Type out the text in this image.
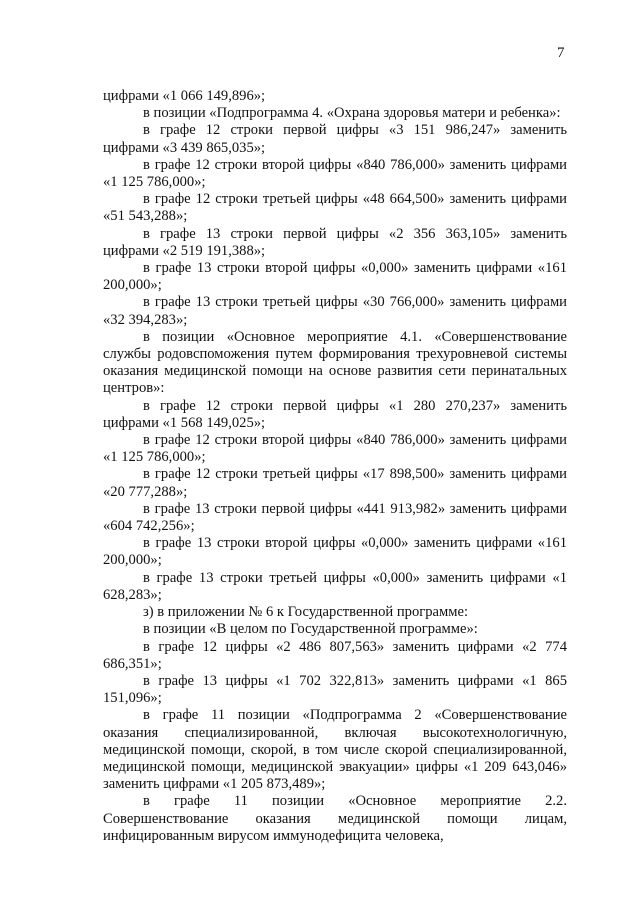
7

цифрами «1 066 149,896»;

в позиции «Подпрограмма 4. «Охрана здоровья матери и ребенка»:

в графе 12 строки первой цифры «3 151 986,247» заменить цифрами «3 439 865,035»;

в графе 12 строки второй цифры «840 786,000» заменить цифрами «1 125 786,000»;

в графе 12 строки третьей цифры «48 664,500» заменить цифрами «51 543,288»;

в графе 13 строки первой цифры «2 356 363,105» заменить цифрами «2 519 191,388»;

в графе 13 строки второй цифры «0,000» заменить цифрами «161 200,000»;

в графе 13 строки третьей цифры «30 766,000» заменить цифрами «32 394,283»;

в позиции «Основное мероприятие 4.1. «Совершенствование службы родовспоможения путем формирования трехуровневой системы оказания медицинской помощи на основе развития сети перинатальных центров»:

в графе 12 строки первой цифры «1 280 270,237» заменить цифрами «1 568 149,025»;

в графе 12 строки второй цифры «840 786,000» заменить цифрами «1 125 786,000»;

в графе 12 строки третьей цифры «17 898,500» заменить цифрами «20 777,288»;

в графе 13 строки первой цифры «441 913,982» заменить цифрами «604 742,256»;

в графе 13 строки второй цифры «0,000» заменить цифрами «161 200,000»;

в графе 13 строки третьей цифры «0,000» заменить цифрами «1 628,283»;

з) в приложении № 6 к Государственной программе:

в позиции «В целом по Государственной программе»:

в графе 12 цифры «2 486 807,563» заменить цифрами «2 774 686,351»;

в графе 13 цифры «1 702 322,813» заменить цифрами «1 865 151,096»;

в графе 11 позиции «Подпрограмма 2 «Совершенствование оказания специализированной, включая высокотехнологичную, медицинской помощи, скорой, в том числе скорой специализированной, медицинской помощи, медицинской эвакуации» цифры «1 209 643,046» заменить цифрами «1 205 873,489»;

в графе 11 позиции «Основное мероприятие 2.2. Совершенствование оказания медицинской помощи лицам, инфицированным вирусом иммунодефицита человека,
